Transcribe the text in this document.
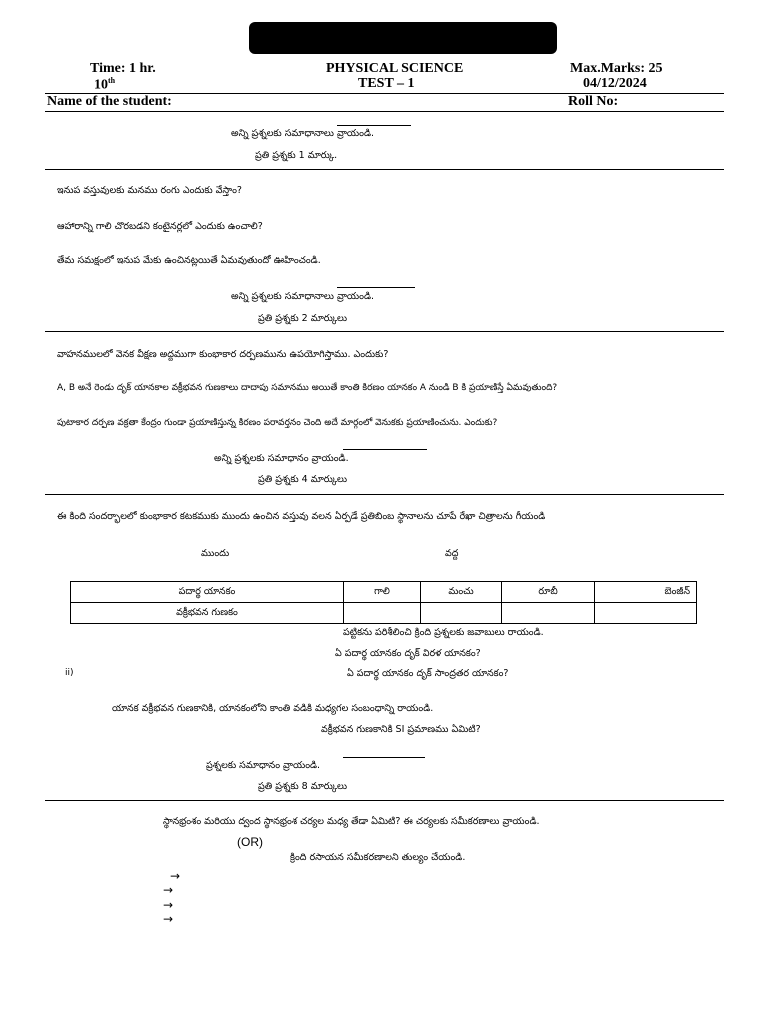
Time: 1 hr.
10th
PHYSICAL SCIENCE
TEST – 1
Max.Marks: 25
04/12/2024
Name of the student:	Roll No:
అన్ని ప్రశ్నలకు సమాధానాలు వ్రాయండి.
ప్రతి ప్రశ్నకు 1 మార్కు.
ఇనుప వస్తువులకు మనము రంగు ఎందుకు వేస్తాం?
ఆహారాన్ని గాలి చొరబడని కంటైనర్లలో ఎందుకు ఉంచాలి?
తేమ సమక్షంలో ఇనుప మేకు ఉంచినట్లయితే ఏమవుతుందో ఊహించండి.
అన్ని ప్రశ్నలకు సమాధానాలు వ్రాయండి.
ప్రతి ప్రశ్నకు 2 మార్కులు
వాహనములలో వెనక వీక్షణ అద్దముగా కుంభాకార దర్పణమును ఉపయోగిస్తాము. ఎందుకు?
A, B అనే రెండు దృక్ యానకాల వక్రీభవన గుణకాలు దాదాపు సమానము అయితే కాంతి కిరణం యానకం A నుండి B కి ప్రయాణిస్తే ఏమవుతుంది?
పుటాకార దర్పణ వక్రతా కేంద్రం గుండా ప్రయాణిస్తున్న కిరణం పరావర్తనం చెంది అదే మార్గంలో వెనుకకు ప్రయాణించును. ఎందుకు?
అన్ని ప్రశ్నలకు సమాధానం వ్రాయండి.
ప్రతి ప్రశ్నకు 4 మార్కులు
ఈ కింది సందర్భాలలో కుంభాకార కటకముకు ముందు ఉంచిన వస్తువు వలన ఏర్పడే ప్రతిబింబ స్థానాలను చూపే రేఖా చిత్రాలను గీయండి
ముందు	వద్ద
పదార్థ యానకం	గాలి	మంచు	రూబీ	బెంజీన్
వక్రీభవన గుణకం				
పట్టికను పరిశీలించి క్రింది ప్రశ్నలకు జవాబులు రాయండి.
ఏ పదార్థ యానకం దృక్ విరళ యానకం?
ii)	ఏ పదార్థ యానకం దృక్ సాంద్రతర యానకం?
యానక వక్రీభవన గుణకానికి, యానకంలోని కాంతి వడికి మధ్యగల సంబంధాన్ని రాయండి.
వక్రీభవన గుణకానికి SI ప్రమాణము ఏమిటి?
ప్రశ్నలకు సమాధానం వ్రాయండి.
ప్రతి ప్రశ్నకు 8 మార్కులు
స్థానభ్రంశం మరియు ద్వంద స్థానభ్రంశ చర్యల మధ్య తేడా ఏమిటి? ఈ చర్యలకు సమీకరణాలు వ్రాయండి.
(OR)
క్రింది రసాయన సమీకరణాలని తుల్యం చేయండి.
→
→
→
→
